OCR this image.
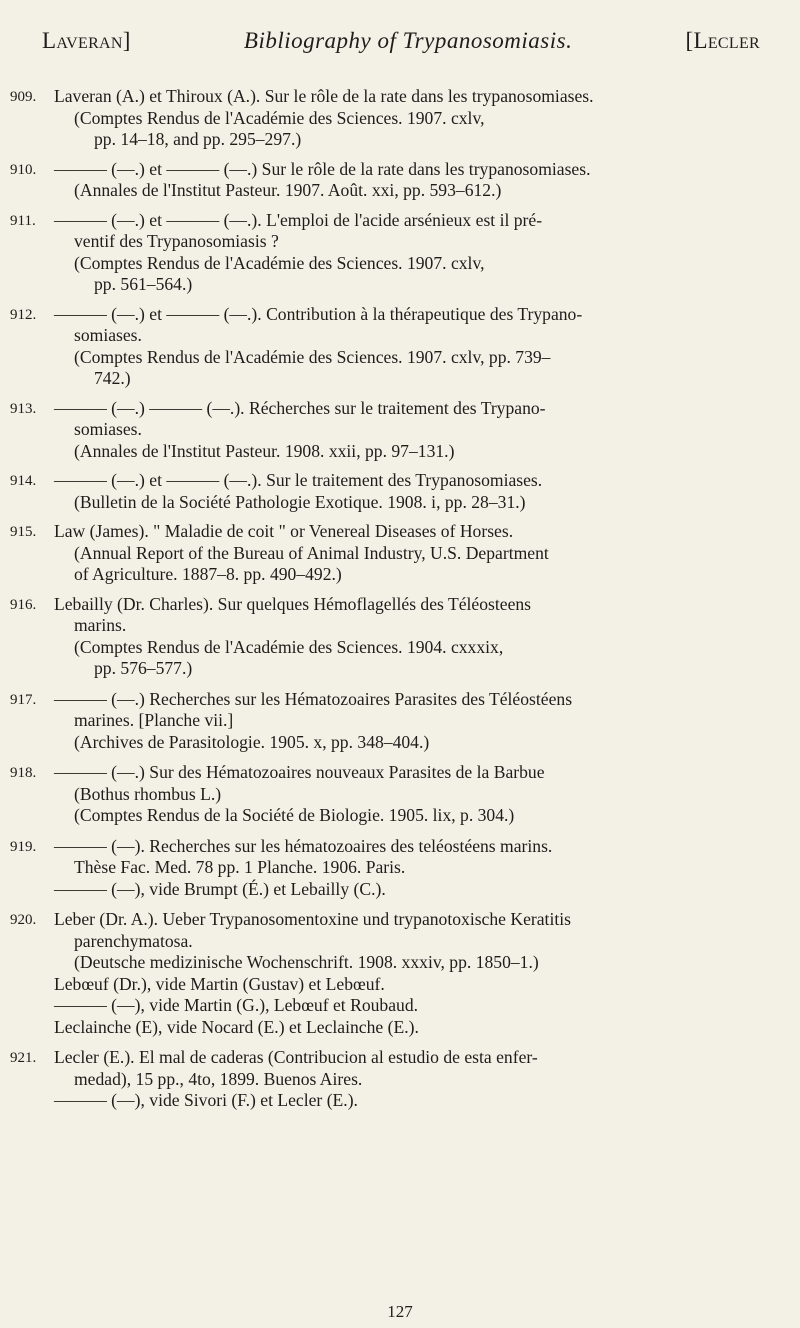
Laveran]	Bibliography of Trypanosomiasis.	[Lecler
909.	Laveran (A.) et Thiroux (A.). Sur le rôle de la rate dans les trypanosomiases.
(Comptes Rendus de l'Académie des Sciences. 1907. cxlv,
pp. 14–18, and pp. 295–297.)
910.	——— (—.) et ——— (—.) Sur le rôle de la rate dans les trypanosomiases.
(Annales de l'Institut Pasteur. 1907. Août. xxi, pp. 593–612.)
911.	——— (—.) et ——— (—.). L'emploi de l'acide arsénieux est il pré-
ventif des Trypanosomiasis ?
(Comptes Rendus de l'Académie des Sciences. 1907. cxlv,
pp. 561–564.)
912.	——— (—.) et ——— (—.). Contribution à la thérapeutique des Trypano-
somiases.
(Comptes Rendus de l'Académie des Sciences. 1907. cxlv, pp. 739–
742.)
913.	——— (—.) ——— (—.). Récherches sur le traitement des Trypano-
somiases.
(Annales de l'Institut Pasteur. 1908. xxii, pp. 97–131.)
914.	——— (—.) et ——— (—.). Sur le traitement des Trypanosomiases.
(Bulletin de la Société Pathologie Exotique. 1908. i, pp. 28–31.)
915.	Law (James). " Maladie de coit " or Venereal Diseases of Horses.
(Annual Report of the Bureau of Animal Industry, U.S. Department
of Agriculture. 1887–8. pp. 490–492.)
916.	Lebailly (Dr. Charles). Sur quelques Hémoflagellés des Téléosteens
marins.
(Comptes Rendus de l'Académie des Sciences. 1904. cxxxix,
pp. 576–577.)
917.	——— (—.) Recherches sur les Hématozoaires Parasites des Téléostéens
marines. [Planche vii.]
(Archives de Parasitologie. 1905. x, pp. 348–404.)
918.	——— (—.) Sur des Hématozoaires nouveaux Parasites de la Barbue
(Bothus rhombus L.)
(Comptes Rendus de la Société de Biologie. 1905. lix, p. 304.)
919.	——— (—). Recherches sur les hématozoaires des teléostéens marins.
Thèse Fac. Med. 78 pp. 1 Planche. 1906. Paris.
——— (—), vide Brumpt (É.) et Lebailly (C.).
920.	Leber (Dr. A.). Ueber Trypanosomentoxine und trypanotoxische Keratitis
parenchymatosa.
(Deutsche medizinische Wochenschrift. 1908. xxxiv, pp. 1850–1.)
Lebœuf (Dr.), vide Martin (Gustav) et Lebœuf.
——— (—), vide Martin (G.), Lebœuf et Roubaud.
Leclainche (E), vide Nocard (E.) et Leclainche (E.).
921.	Lecler (E.). El mal de caderas (Contribucion al estudio de esta enfer-
medad), 15 pp., 4to, 1899. Buenos Aires.
——— (—), vide Sivori (F.) et Lecler (E.).
127
